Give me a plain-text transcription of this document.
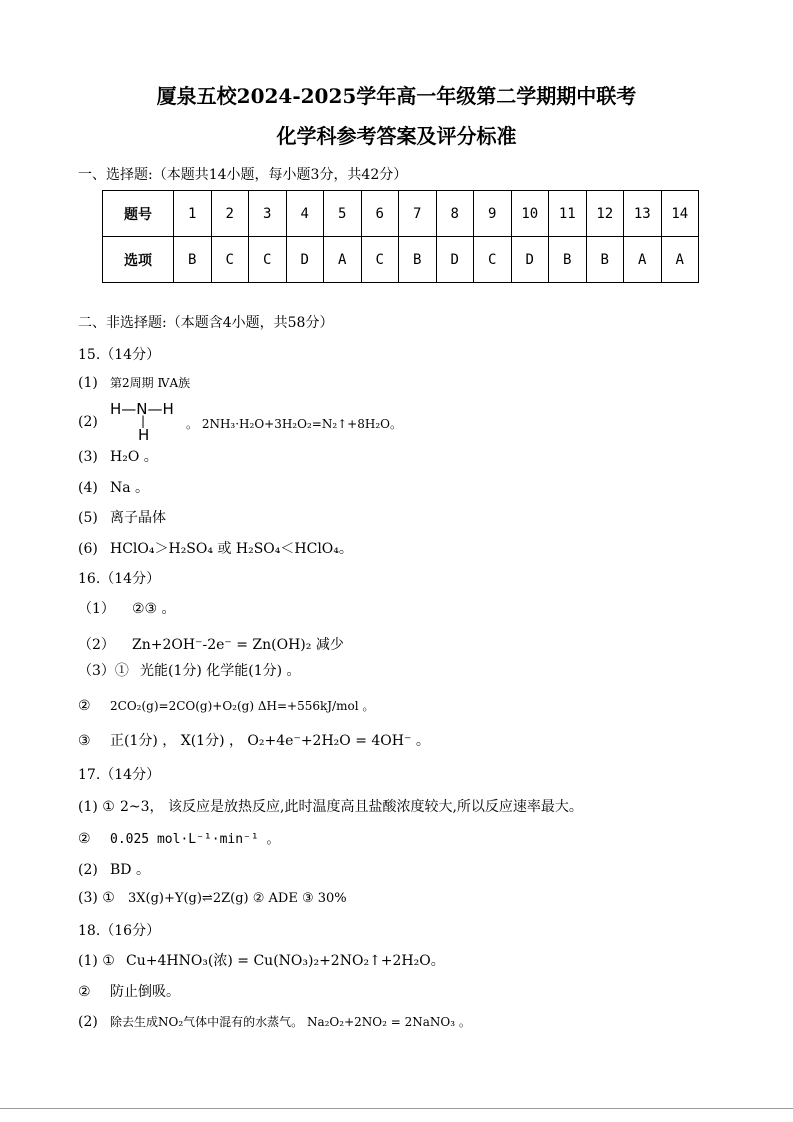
厦泉五校2024-2025学年高一年级第二学期期中联考
化学科参考答案及评分标准
一、选择题:（本题共14小题，每小题3分，共42分）
题号	1	2	3	4	5	6	7	8	9	10	11	12	13	14
选项	B	C	C	D	A	C	B	D	C	D	B	B	A	A
二、非选择题:（本题含4小题，共58分）
15.（14分）
(1) 第2周期 ⅣA族
(2)
H—N—H
|
H
。 2NH₃·H₂O+3H₂O₂=N₂↑+8H₂O。
(3) H₂O 。
(4) Na 。
(5) 离子晶体
(6) HClO₄＞H₂SO₄ 或 H₂SO₄＜HClO₄。
16.（14分）
（1） ②③ 。
（2） Zn+2OH⁻-2e⁻ = Zn(OH)₂ 减少
（3）① 光能(1分) 化学能(1分) 。
② 2CO₂(g)=2CO(g)+O₂(g) ΔH=+556kJ/mol 。
③ 正(1分) ， X(1分) ， O₂+4e⁻+2H₂O = 4OH⁻ 。
17.（14分）
(1) ① 2~3， 该反应是放热反应,此时温度高且盐酸浓度较大,所以反应速率最大。
② 0.025 mol·L⁻¹·min⁻¹ 。
(2) BD 。
(3) ① 3X(g)+Y(g)⇌2Z(g) ② ADE ③ 30%
18.（16分）
(1) ① Cu+4HNO₃(浓) = Cu(NO₃)₂+2NO₂↑+2H₂O。
② 防止倒吸。
(2) 除去生成NO₂气体中混有的水蒸气。 Na₂O₂+2NO₂ = 2NaNO₃ 。
